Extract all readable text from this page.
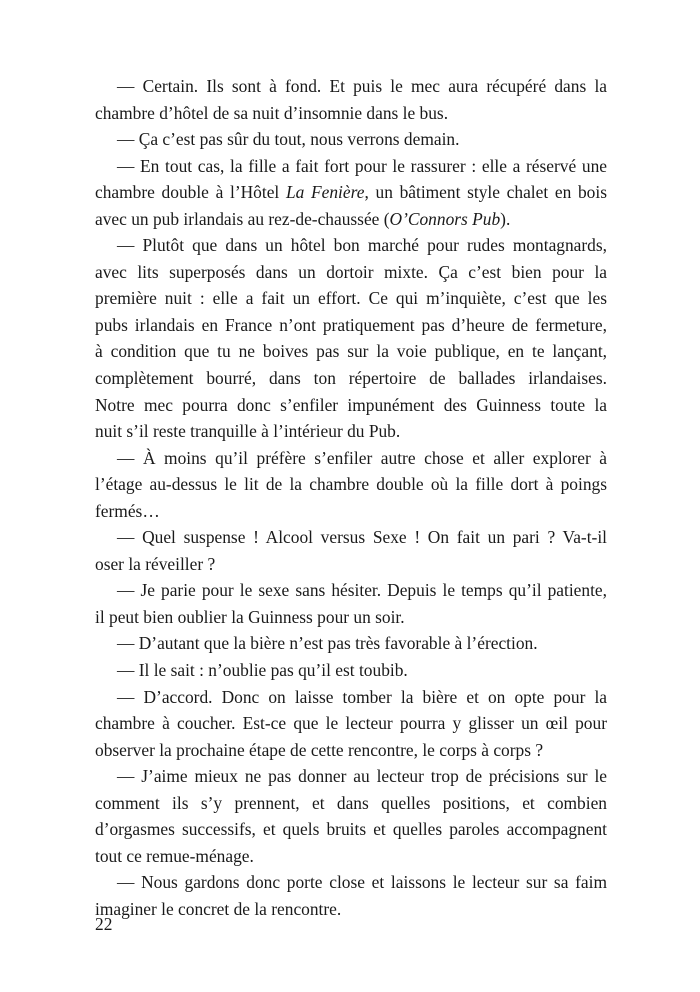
— Certain. Ils sont à fond. Et puis le mec aura récupéré dans la
chambre d’hôtel de sa nuit d’insomnie dans le bus.
— Ça c’est pas sûr du tout, nous verrons demain.
— En tout cas, la fille a fait fort pour le rassurer : elle a réservé une
chambre double à l’Hôtel La Fenière, un bâtiment style chalet en bois
avec un pub irlandais au rez-de-chaussée (O’Connors Pub).
— Plutôt que dans un hôtel bon marché pour rudes montagnards,
avec lits superposés dans un dortoir mixte. Ça c’est bien pour la
première nuit : elle a fait un effort. Ce qui m’inquiète, c’est que les
pubs irlandais en France n’ont pratiquement pas d’heure de fermeture,
à condition que tu ne boives pas sur la voie publique, en te lançant,
complètement bourré, dans ton répertoire de ballades irlandaises.
Notre mec pourra donc s’enfiler impunément des Guinness toute la
nuit s’il reste tranquille à l’intérieur du Pub.
— À moins qu’il préfère s’enfiler autre chose et aller explorer à
l’étage au-dessus le lit de la chambre double où la fille dort à poings
fermés…
— Quel suspense ! Alcool versus Sexe ! On fait un pari ? Va-t-il
oser la réveiller ?
— Je parie pour le sexe sans hésiter. Depuis le temps qu’il patiente,
il peut bien oublier la Guinness pour un soir.
— D’autant que la bière n’est pas très favorable à l’érection.
— Il le sait : n’oublie pas qu’il est toubib.
— D’accord. Donc on laisse tomber la bière et on opte pour la
chambre à coucher. Est-ce que le lecteur pourra y glisser un œil pour
observer la prochaine étape de cette rencontre, le corps à corps ?
— J’aime mieux ne pas donner au lecteur trop de précisions sur le
comment ils s’y prennent, et dans quelles positions, et combien
d’orgasmes successifs, et quels bruits et quelles paroles accompagnent
tout ce remue-ménage.
— Nous gardons donc porte close et laissons le lecteur sur sa faim
imaginer le concret de la rencontre.
22
